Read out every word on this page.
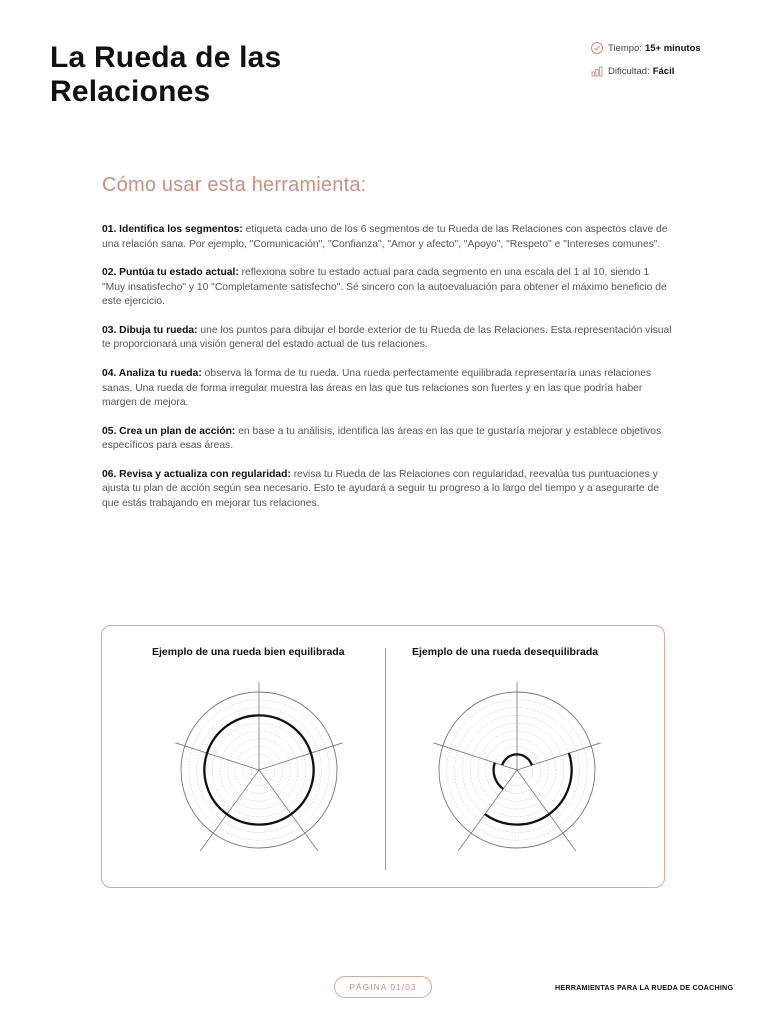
La Rueda de las Relaciones
Tiempo: 15+ minutos
Dificultad: Fácil
Cómo usar esta herramienta:

01. Identifica los segmentos: etiqueta cada uno de los 6 segmentos de tu Rueda de las Relaciones con aspectos clave de una relación sana. Por ejemplo, "Comunicación", "Confianza", "Amor y afecto", "Apoyo", "Respeto" e "Intereses comunes".

02. Puntúa tu estado actual: reflexiona sobre tu estado actual para cada segmento en una escala del 1 al 10, siendo 1 "Muy insatisfecho" y 10 "Completamente satisfecho". Sé sincero con la autoevaluación para obtener el máximo beneficio de este ejercicio.

03. Dibuja tu rueda: une los puntos para dibujar el borde exterior de tu Rueda de las Relaciones. Esta representación visual te proporcionará una visión general del estado actual de tus relaciones.

04. Analiza tu rueda: observa la forma de tu rueda. Una rueda perfectamente equilibrada representaría unas relaciones sanas. Una rueda de forma irregular muestra las áreas en las que tus relaciones son fuertes y en las que podría haber margen de mejora.

05. Crea un plan de acción: en base a tu análisis, identifica las áreas en las que te gustaría mejorar y establece objetivos específicos para esas áreas.

06. Revisa y actualiza con regularidad: revisa tu Rueda de las Relaciones con regularidad, reevalúa tus puntuaciones y ajusta tu plan de acción según sea necesario. Esto te ayudará a seguir tu progreso a lo largo del tiempo y a asegurarte de que estás trabajando en mejorar tus relaciones.

Ejemplo de una rueda bien equilibrada	Ejemplo de una rueda desequilibrada
PÁGINA 01/03	HERRAMIENTAS PARA LA RUEDA DE COACHING
